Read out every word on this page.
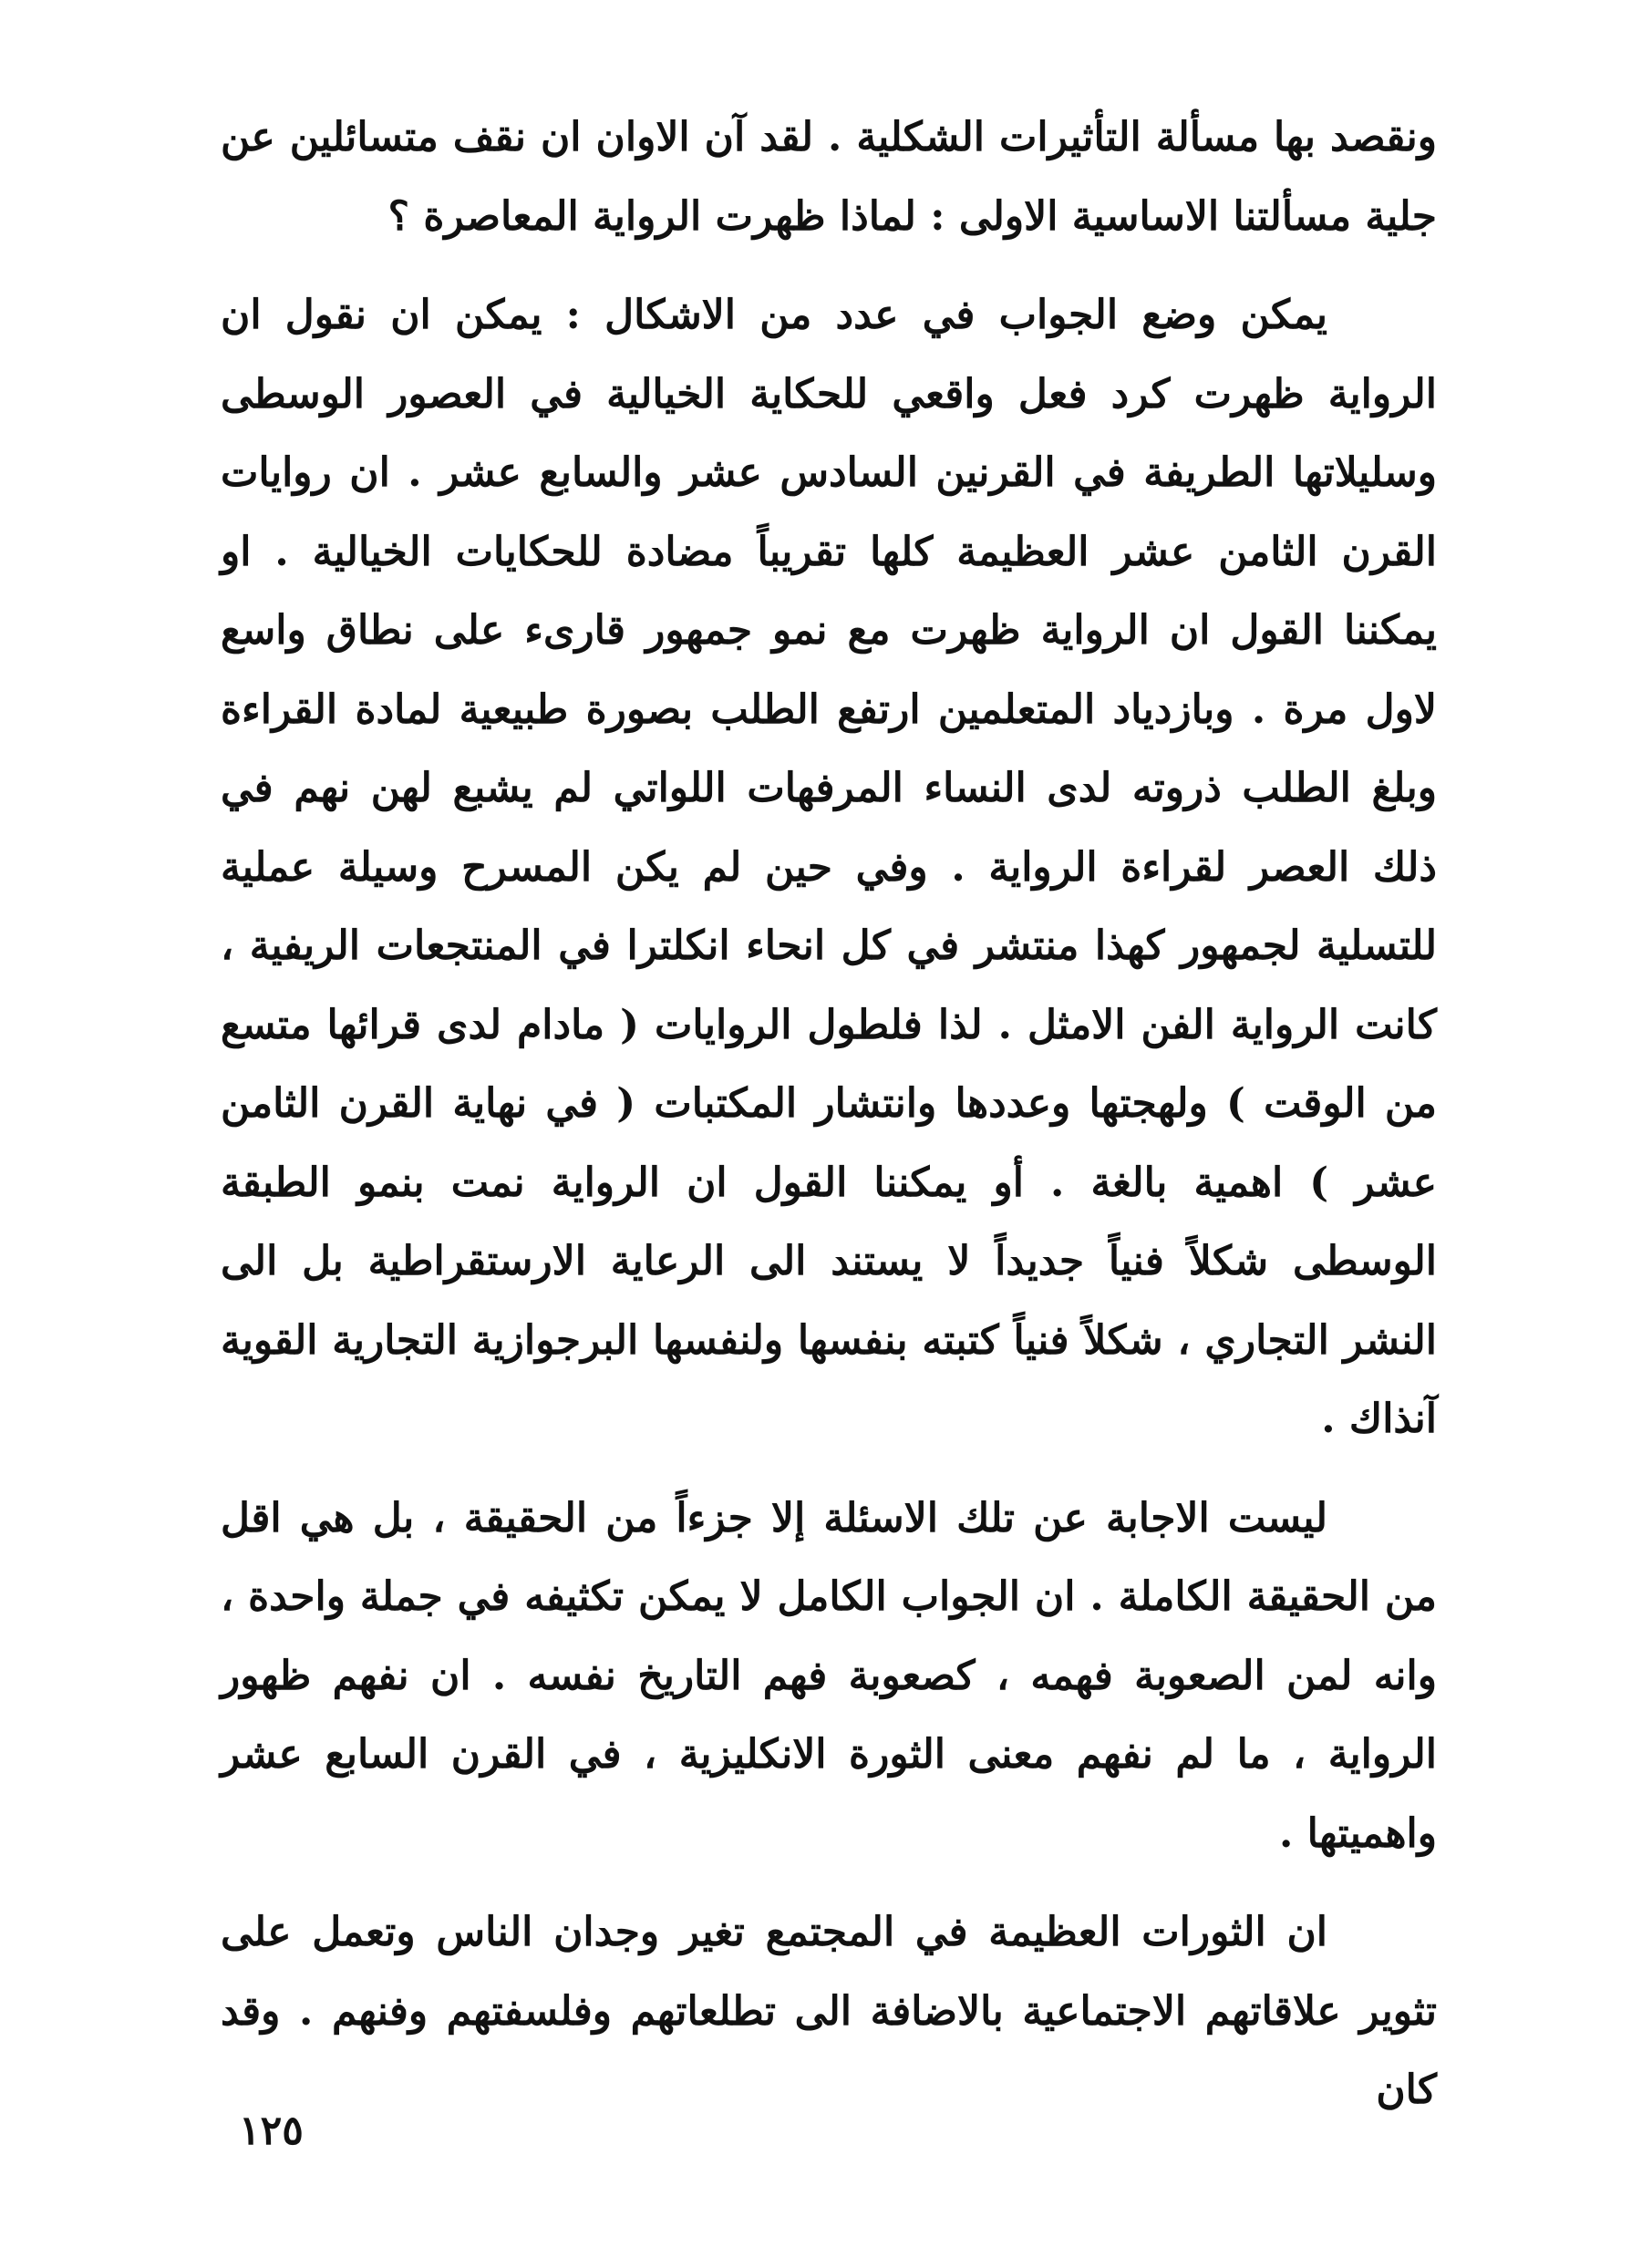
ونقصد بها مسألة التأثيرات الشكلية . لقد آن الاوان ان نقف متسائلين عن جلية مسألتنا الاساسية الاولى : لماذا ظهرت الرواية المعاصرة ؟

يمكن وضع الجواب في عدد من الاشكال : يمكن ان نقول ان الرواية ظهرت كرد فعل واقعي للحكاية الخيالية في العصور الوسطى وسليلاتها الطريفة في القرنين السادس عشر والسابع عشر . ان روايات القرن الثامن عشر العظيمة كلها تقريباً مضادة للحكايات الخيالية . او يمكننا القول ان الرواية ظهرت مع نمو جمهور قارىء على نطاق واسع لاول مرة . وبازدياد المتعلمين ارتفع الطلب بصورة طبيعية لمادة القراءة وبلغ الطلب ذروته لدى النساء المرفهات اللواتي لم يشبع لهن نهم في ذلك العصر لقراءة الرواية . وفي حين لم يكن المسرح وسيلة عملية للتسلية لجمهور كهذا منتشر في كل انحاء انكلترا في المنتجعات الريفية ، كانت الرواية الفن الامثل . لذا فلطول الروايات ( مادام لدى قرائها متسع من الوقت ) ولهجتها وعددها وانتشار المكتبات ( في نهاية القرن الثامن عشر ) اهمية بالغة . أو يمكننا القول ان الرواية نمت بنمو الطبقة الوسطى شكلاً فنياً جديداً لا يستند الى الرعاية الارستقراطية بل الى النشر التجاري ، شكلاً فنياً كتبته بنفسها ولنفسها البرجوازية التجارية القوية آنذاك .

ليست الاجابة عن تلك الاسئلة إلا جزءاً من الحقيقة ، بل هي اقل من الحقيقة الكاملة . ان الجواب الكامل لا يمكن تكثيفه في جملة واحدة ، وانه لمن الصعوبة فهمه ، كصعوبة فهم التاريخ نفسه . ان نفهم ظهور الرواية ، ما لم نفهم معنى الثورة الانكليزية ، في القرن السابع عشر واهميتها .

ان الثورات العظيمة في المجتمع تغير وجدان الناس وتعمل على تثوير علاقاتهم الاجتماعية بالاضافة الى تطلعاتهم وفلسفتهم وفنهم . وقد كان

١٢٥
